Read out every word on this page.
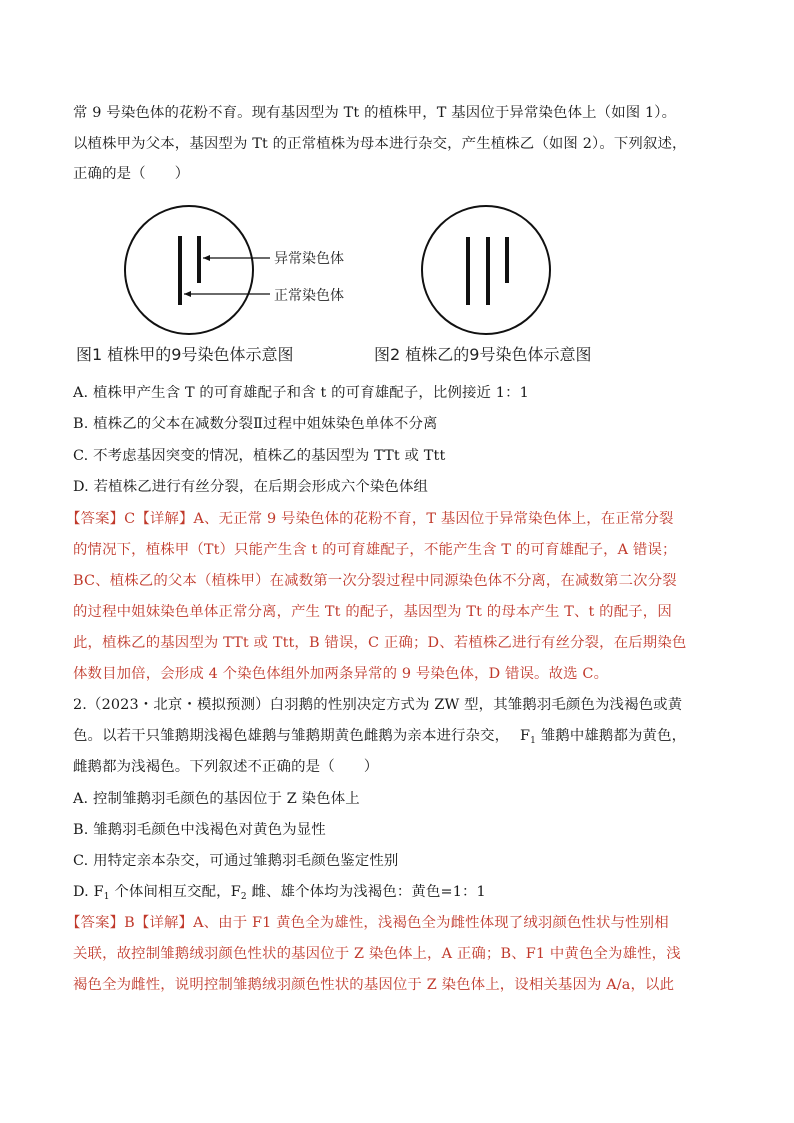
常 9 号染色体的花粉不育。现有基因型为 Tt 的植株甲，T 基因位于异常染色体上（如图 1）。
以植株甲为父本，基因型为 Tt 的正常植株为母本进行杂交，产生植株乙（如图 2）。下列叙述，
正确的是（　　）
异常染色体
正常染色体
图1 植株甲的9号染色体示意图	图2 植株乙的9号染色体示意图
A. 植株甲产生含 T 的可育雄配子和含 t 的可育雄配子，比例接近 1：1
B. 植株乙的父本在减数分裂Ⅱ过程中姐妹染色单体不分离
C. 不考虑基因突变的情况，植株乙的基因型为 TTt 或 Ttt
D. 若植株乙进行有丝分裂，在后期会形成六个染色体组
【答案】C【详解】A、无正常 9 号染色体的花粉不育，T 基因位于异常染色体上，在正常分裂
的情况下，植株甲（Tt）只能产生含 t 的可育雄配子，不能产生含 T 的可育雄配子，A 错误；
BC、植株乙的父本（植株甲）在减数第一次分裂过程中同源染色体不分离，在减数第二次分裂
的过程中姐妹染色单体正常分离，产生 Tt 的配子，基因型为 Tt 的母本产生 T、t 的配子，因
此，植株乙的基因型为 TTt 或 Ttt，B 错误，C 正确；D、若植株乙进行有丝分裂，在后期染色
体数目加倍，会形成 4 个染色体组外加两条异常的 9 号染色体，D 错误。故选 C。
2.（2023・北京・模拟预测）白羽鹅的性别决定方式为 ZW 型，其雏鹅羽毛颜色为浅褐色或黄
色。以若干只雏鹅期浅褐色雄鹅与雏鹅期黄色雌鹅为亲本进行杂交， $F_1$ 雏鹅中雄鹅都为黄色，
雌鹅都为浅褐色。下列叙述不正确的是（　　）
A. 控制雏鹅羽毛颜色的基因位于 Z 染色体上
B. 雏鹅羽毛颜色中浅褐色对黄色为显性
C. 用特定亲本杂交，可通过雏鹅羽毛颜色鉴定性别
D. $F_1$ 个体间相互交配，$F_2$ 雌、雄个体均为浅褐色：黄色=1：1
【答案】B【详解】A、由于 F1 黄色全为雄性，浅褐色全为雌性体现了绒羽颜色性状与性别相
关联，故控制雏鹅绒羽颜色性状的基因位于 Z 染色体上，A 正确；B、F1 中黄色全为雄性，浅
褐色全为雌性，说明控制雏鹅绒羽颜色性状的基因位于 Z 染色体上，设相关基因为 A/a，以此
